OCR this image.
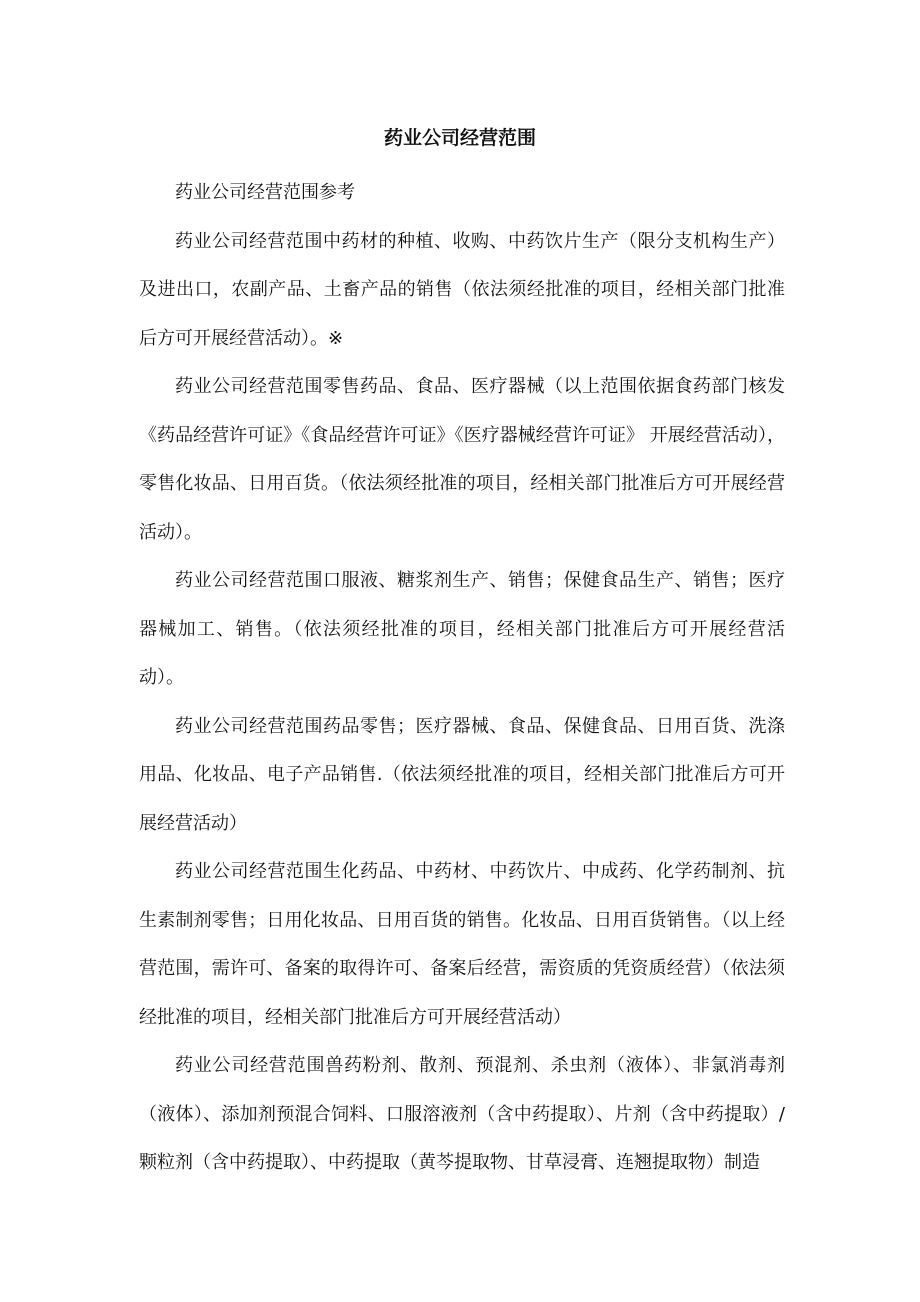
药业公司经营范围

药业公司经营范围参考

药业公司经营范围中药材的种植、收购、中药饮片生产（限分支机构生产）及进出口，农副产品、土畜产品的销售（依法须经批准的项目，经相关部门批准后方可开展经营活动）。※

药业公司经营范围零售药品、食品、医疗器械（以上范围依据食药部门核发《药品经营许可证》《食品经营许可证》《医疗器械经营许可证》 开展经营活动），零售化妆品、日用百货。（依法须经批准的项目，经相关部门批准后方可开展经营活动）。

药业公司经营范围口服液、糖浆剂生产、销售；保健食品生产、销售；医疗器械加工、销售。（依法须经批准的项目，经相关部门批准后方可开展经营活动）。

药业公司经营范围药品零售；医疗器械、食品、保健食品、日用百货、洗涤用品、化妆品、电子产品销售.（依法须经批准的项目，经相关部门批准后方可开展经营活动）

药业公司经营范围生化药品、中药材、中药饮片、中成药、化学药制剂、抗生素制剂零售；日用化妆品、日用百货的销售。化妆品、日用百货销售。（以上经营范围，需许可、备案的取得许可、备案后经营，需资质的凭资质经营）（依法须经批准的项目，经相关部门批准后方可开展经营活动）

药业公司经营范围兽药粉剂、散剂、预混剂、杀虫剂（液体）、非氯消毒剂（液体）、添加剂预混合饲料、口服溶液剂（含中药提取）、片剂（含中药提取）/颗粒剂（含中药提取）、中药提取（黄芩提取物、甘草浸膏、连翘提取物）制造
